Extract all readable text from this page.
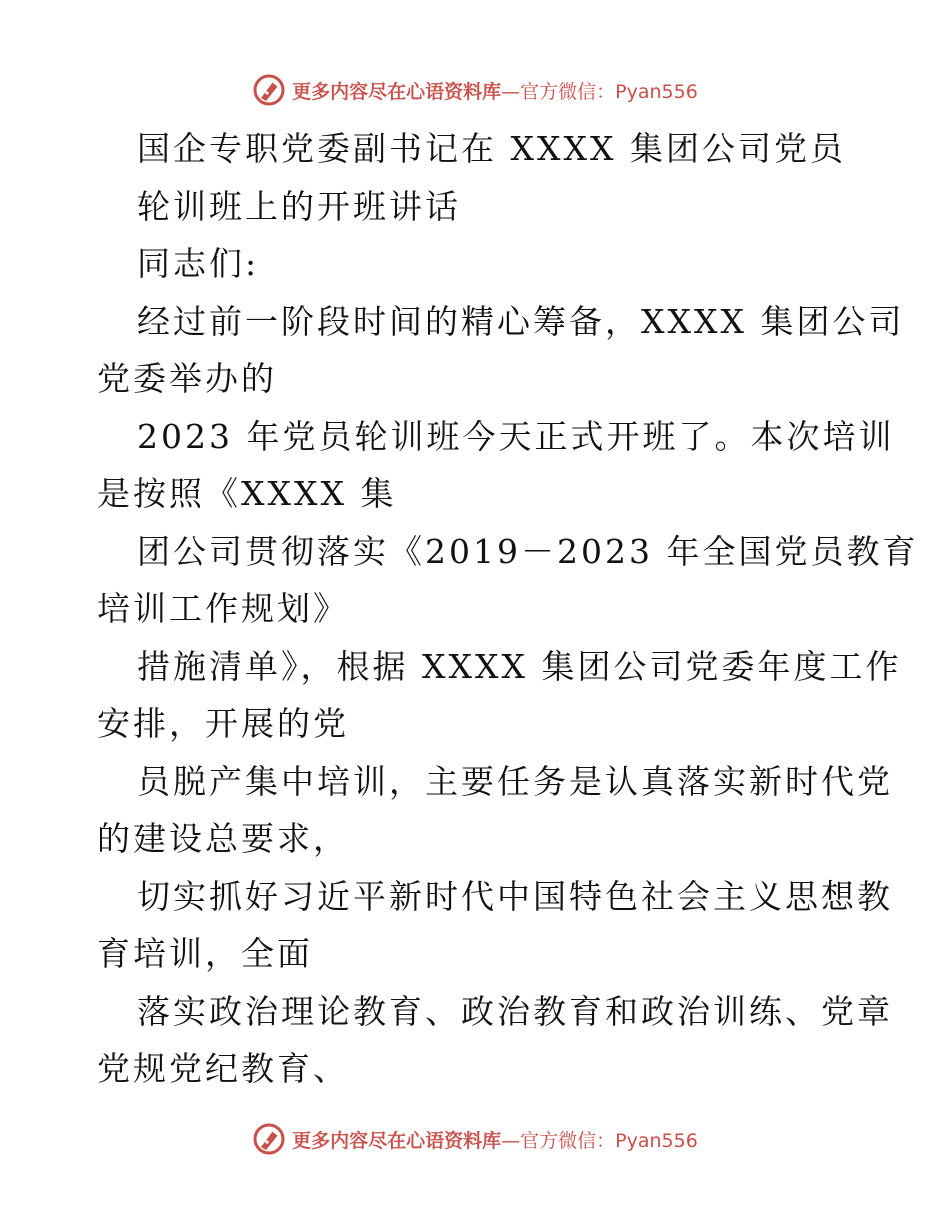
更多内容尽在心语资料库—官方微信：Pyan556
国企专职党委副书记在 XXXX 集团公司党员
轮训班上的开班讲话
同志们:
经过前一阶段时间的精心筹备，XXXX 集团公司
党委举办的
2023 年党员轮训班今天正式开班了。本次培训
是按照《XXXX 集
团公司贯彻落实《2019－2023 年全国党员教育
培训工作规划》
措施清单》，根据 XXXX 集团公司党委年度工作
安排，开展的党
员脱产集中培训，主要任务是认真落实新时代党
的建设总要求，
切实抓好习近平新时代中国特色社会主义思想教
育培训，全面
落实政治理论教育、政治教育和政治训练、党章
党规党纪教育、
更多内容尽在心语资料库—官方微信：Pyan556
